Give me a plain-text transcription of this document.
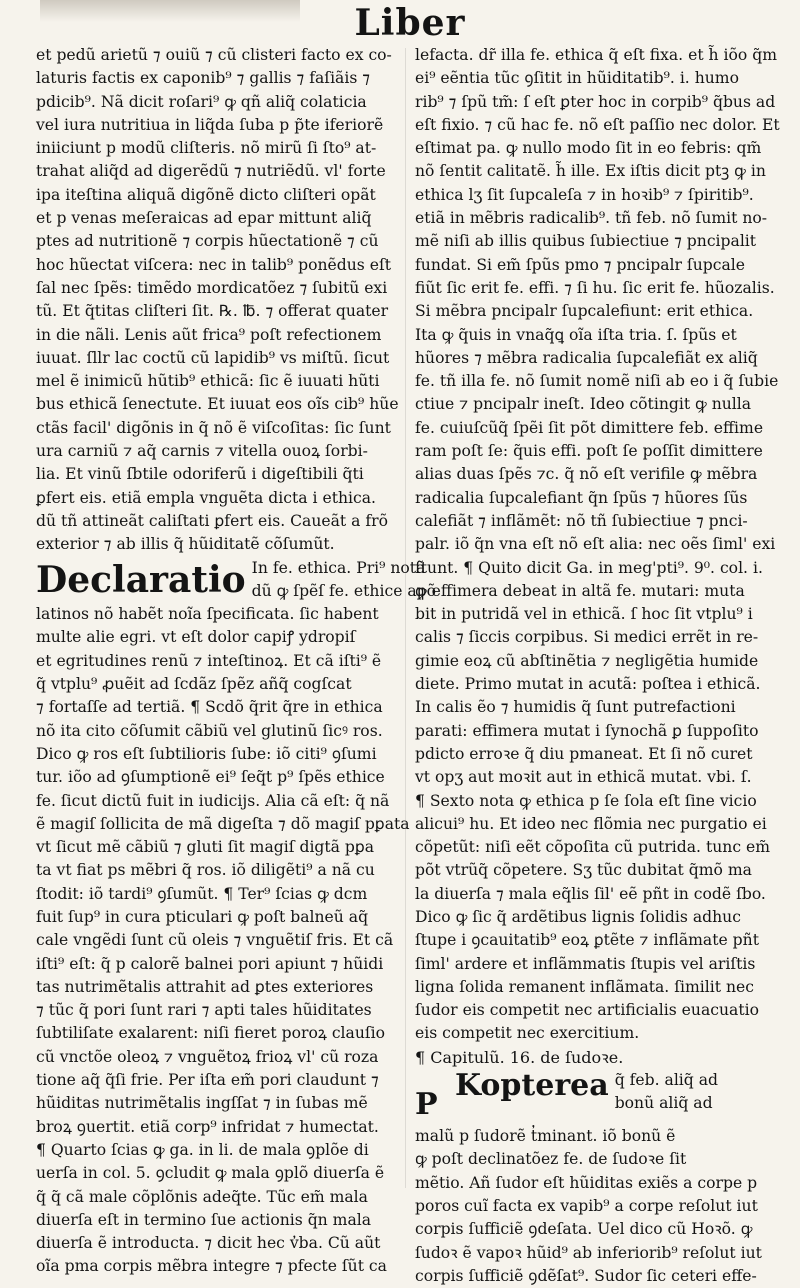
Liber
et pedũ arietũ ⁊ ouiũ ⁊ cũ clisteri facto ex co‑
laturis factis ex caponib⁹ ⁊ gallis ⁊ faſiãis ⁊
pdicib⁹. Nã dicit roſari⁹ ꝙ qñ aliq̃ colaticia
vel iura nutritiua in liq̃da ſuba p p̃te iferiorẽ
iniiciunt p modũ cliſteris. nõ mirũ ſi ſto⁹ at‑
trahat aliq̃d ad digerẽdũ ⁊ nutriẽdũ. vl' forte
ipa iteſtina aliquã digõnẽ dicto cliſteri opãt
et p venas meſeraicas ad epar mittunt aliq̃
ptes ad nutritionẽ ⁊ corpis hũectationẽ ⁊ cũ
hoc hũectat viſcera: nec in talib⁹ ponẽdus eſt
ſal nec ſpẽs: timẽdo mordicatõez ⁊ ſubitũ exi
tũ. Et q̃titas cliſteri ſit. ℞. ℔. ⁊ offerat quater
in die nãli. Lenis aũt frica⁹ poſt refectionem
iuuat. ſllr lac coctũ cũ lapidib⁹ vs miſtũ. ſicut
mel ẽ inimicũ hũtib⁹ ethicã: ſic ẽ iuuati hũti
bus ethicã ſenectute. Et iuuat eos oĩs cib⁹ hũe
ctãs facil' digõnis in q̃ nõ ẽ viſcoſitas: ſic ſunt
ura carniũ ⁊ aq̃ carnis ⁊ vitella ouoꝝ ſorbi‑
lia. Et vinũ ſbtile odoriferũ i digeſtibili q̃ti
ꝑfert eis. etiã empla vnguẽta dicta i ethica.
dũ tñ attineãt caliſtati ꝑfert eis. Caueãt a frõ
exterior ⁊ ab illis q̃ hũiditatẽ cõſumũt.
Declaratio In fe. ethica. Pri⁹ notã
dũ ꝙ ſpẽſ fe. ethice apõ
latinos nõ habẽt noĩa ſpecificata. ſic habent
multe alie egri. vt eſt dolor capiꝭ ydropiſ
et egritudines renũ ⁊ inteſtinoꝝ. Et cã iſti⁹ ẽ
q̃ vtplu⁹ ꝓuẽit ad ſcdãz ſpẽz añq̃ cogſcat
⁊ fortaſſe ad tertiã. ¶ Scdõ q̃rit q̃re in ethica
nõ ita cito cõſumit cãbiũ vel glutinũ ſicꝰ ros.
Dico ꝙ ros eſt ſubtilioris ſube: iõ citi⁹ ꝯſumi
tur. iõo ad ꝯſumptionẽ ei⁹ ſeq̃t p⁹ ſpẽs ethice
fe. ſicut dictũ fuit in iudicijs. Alia cã eſt: q̃ nã
ẽ magiſ ſollicita de mã digeſta ⁊ dõ magiſ pꝑata
vt ſicut mẽ cãbiũ ⁊ gluti ſit magiſ digtã pꝑa
ta vt fiat ps mẽbri q̃ ros. iõ diligẽti⁹ a nã cu
ſtodit: iõ tardi⁹ ꝯſumũt. ¶ Ter⁹ ſcias ꝙ dcm
fuit ſup⁹ in cura pticulari ꝙ poſt balneũ aq̃
cale vngẽdi ſunt cũ oleis ⁊ vnguẽtiſ fris. Et cã
iſti⁹ eſt: q̃ p calorẽ balnei pori apiunt ⁊ hũidi
tas nutrimẽtalis attrahit ad ꝑtes exteriores
⁊ tũc q̃ pori ſunt rari ⁊ apti tales hũiditates
ſubtiliſate exalarent: niſi fieret poroꝝ clauſio
cũ vnctõe oleoꝝ ⁊ vnguẽtoꝝ frioꝝ vl' cũ roza
tione aq̃ q̃ſi frie. Per iſta em̃ pori claudunt ⁊
hũiditas nutrimẽtalis ingſſat ⁊ in ſubas mẽ
broꝝ ꝯuertit. etiã corp⁹ infridat ⁊ humectat.
¶ Quarto ſcias ꝙ ga. in li. de mala ꝯplõe di
uerſa in col. 5. ꝯcludit ꝙ mala ꝯplõ diuerſa ẽ
q̃ q̃ cã male cõplõnis adeq̃te. Tũc em̃ mala
diuerſa eſt in termino ſue actionis q̃n mala
diuerſa ẽ introducta. ⁊ dicit hec v̓ba. Cũ aũt
oĩa pma corpis mẽbra integre ⁊ pfecte ſũt ca
lefacta. dr̃ illa fe. ethica q̃ eſt fixa. et h̃ iõo q̃m
ei⁹ eẽntia tũc ꝯſitit in hũiditatib⁹. i. humo
rib⁹ ⁊ ſpũ tm̃: ſ eſt ꝑter hoc in corpib⁹ q̃bus ad
eſt fixio. ⁊ cũ hac fe. nõ eſt paſſio nec dolor. Et
eſtimat pa. ꝙ nullo modo ſit in eo febris: qm̃
nõ ſentit calitatẽ. h̃ ille. Ex iſtis dicit ptꝫ ꝙ in
ethica lʒ ſit ſupcaleſa ⁊ in hoꝛib⁹ ⁊ ſpiritib⁹.
etiã in mẽbris radicalib⁹. tñ feb. nõ ſumit no‑
mẽ niſi ab illis quibus ſubiectiue ⁊ pncipalit
fundat. Si em̃ ſpũs pmo ⁊ pncipalr ſupcale
fiũt ſic erit fe. effi. ⁊ ſi hu. ſic erit fe. hũozalis.
Si mẽbra pncipalr ſupcalefiunt: erit ethica.
Ita ꝙ q̃uis in vnaq̃ꝗ oĩa iſta tria. ſ. ſpũs et
hũores ⁊ mẽbra radicalia ſupcalefiãt ex aliq̃
fe. tñ illa fe. nõ ſumit nomẽ niſi ab eo i q̃ ſubie
ctiue ⁊ pncipalr ineſt. Ideo cõtingit ꝙ nulla
fe. cuiuſcũq̃ ſpẽi ſit põt dimittere feb. effime
ram poſt ſe: q̃uis effi. poſt ſe poſſit dimittere
alias duas ſpẽs ⁊c. q̃ nõ eſt verifile ꝙ mẽbra
radicalia ſupcalefiant q̃n ſpũs ⁊ hũores ſũs
calefiãt ⁊ inflãmẽt: nõ tñ ſubiectiue ⁊ pnci‑
palr. iõ q̃n vna eſt nõ eſt alia: nec oẽs ſiml' exi
ſtunt. ¶ Quito dicit Ga. in meg'pti⁹. 9⁰. col. i.
ꝙ effimera debeat in altã fe. mutari: muta
bit in putridã vel in ethicã. ſ hoc ſit vtplu⁹ i
calis ⁊ ſiccis corpibus. Si medici errẽt in re‑
gimie eoꝝ cũ abſtinẽtia ⁊ negligẽtia humide
diete. Primo mutat in acutã: poſtea i ethicã.
In calis ẽo ⁊ humidis q̃ ſunt putrefactioni
parati: effimera mutat i ſynochã ꝑ ſuppoſito
pdicto erroꝛe q̃ diu pmaneat. Et ſi nõ curet
vt opʒ aut moꝛit aut in ethicã mutat. vbi. ſ.
¶ Sexto nota ꝙ ethica p ſe ſola eſt ſine vicio
alicui⁹ hu. Et ideo nec flõmia nec purgatio ei
cõpetũt: niſi eẽt cõpoſita cũ putrida. tunc em̃
põt vtrũq̃ cõpetere. Sʒ tũc dubitat q̃mõ ma
la diuerſa ⁊ mala eq̃lis ſil' eẽ pñt in codẽ ſbo.
Dico ꝙ ſic q̃ ardẽtibus lignis ſolidis adhuc
ſtupe i ꝯcauitatib⁹ eoꝝ ꝑtẽte ⁊ inflãmate pñt
ſiml' ardere et inflãmmatis ſtupis vel ariſtis
ligna ſolida remanent inflãmata. ſimilit nec
ſudor eis competit nec artificialis euacuatio
eis competit nec exercitium.
¶ Capitulũ. 16. de ſudoꝛe.
P
Kopterea q̃ feb. aliq̃ ad
bonũ aliq̃ ad
malũ p ſudorẽ t̓minant. iõ bonũ ẽ
ꝙ poſt declinatõez fe. de ſudoꝛe ſit
mẽtio. Añ ſudor eſt hũiditas exiẽs a corpe p
poros cuĩ facta ex vapib⁹ a corpe reſolut iut
corpis ſufficiẽ ꝯdeſata. Uel dico cũ Hoꝛõ. ꝙ
ſudoꝛ ẽ vapoꝛ hũid⁹ ab inferiorib⁹ reſolut iut
corpis ſufficiẽ ꝯdẽſat⁹. Sudor ſic ceteri effe‑
